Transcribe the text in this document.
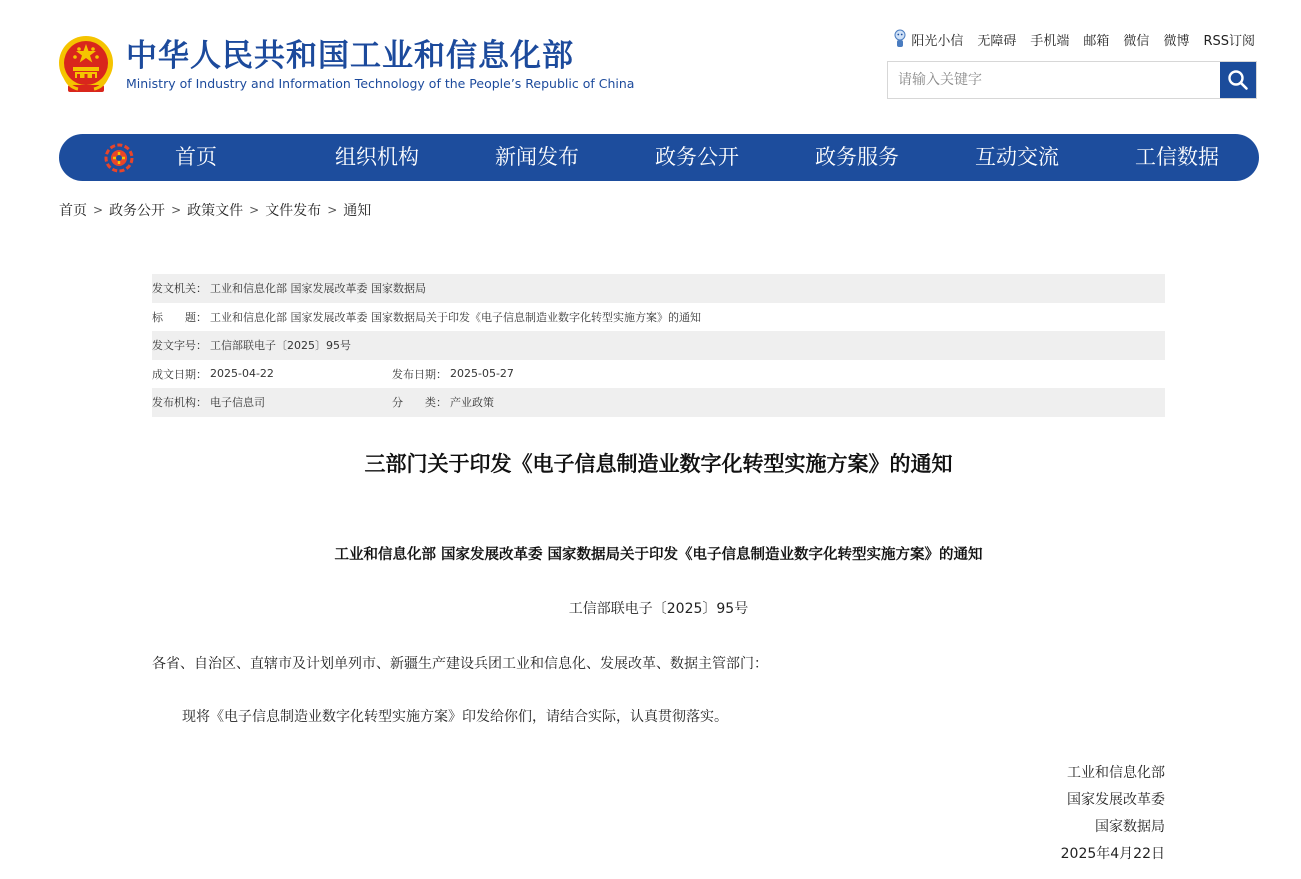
中华人民共和国工业和信息化部
Ministry of Industry and Information Technology of the People’s Republic of China
阳光小信 无障碍 手机端 邮箱 微信 微博 RSS订阅
请输入关键字
首页	组织机构	新闻发布	政务公开	政务服务	互动交流	工信数据
首页 > 政务公开 > 政策文件 > 文件发布 > 通知
发文机关： 工业和信息化部 国家发展改革委 国家数据局
标　　题： 工业和信息化部 国家发展改革委 国家数据局关于印发《电子信息制造业数字化转型实施方案》的通知
发文字号： 工信部联电子〔2025〕95号
成文日期： 2025-04-22	发布日期： 2025-05-27
发布机构： 电子信息司	分　　类： 产业政策
三部门关于印发《电子信息制造业数字化转型实施方案》的通知
工业和信息化部 国家发展改革委 国家数据局关于印发《电子信息制造业数字化转型实施方案》的通知
工信部联电子〔2025〕95号
各省、自治区、直辖市及计划单列市、新疆生产建设兵团工业和信息化、发展改革、数据主管部门：
现将《电子信息制造业数字化转型实施方案》印发给你们，请结合实际，认真贯彻落实。
工业和信息化部
国家发展改革委
国家数据局
2025年4月22日
